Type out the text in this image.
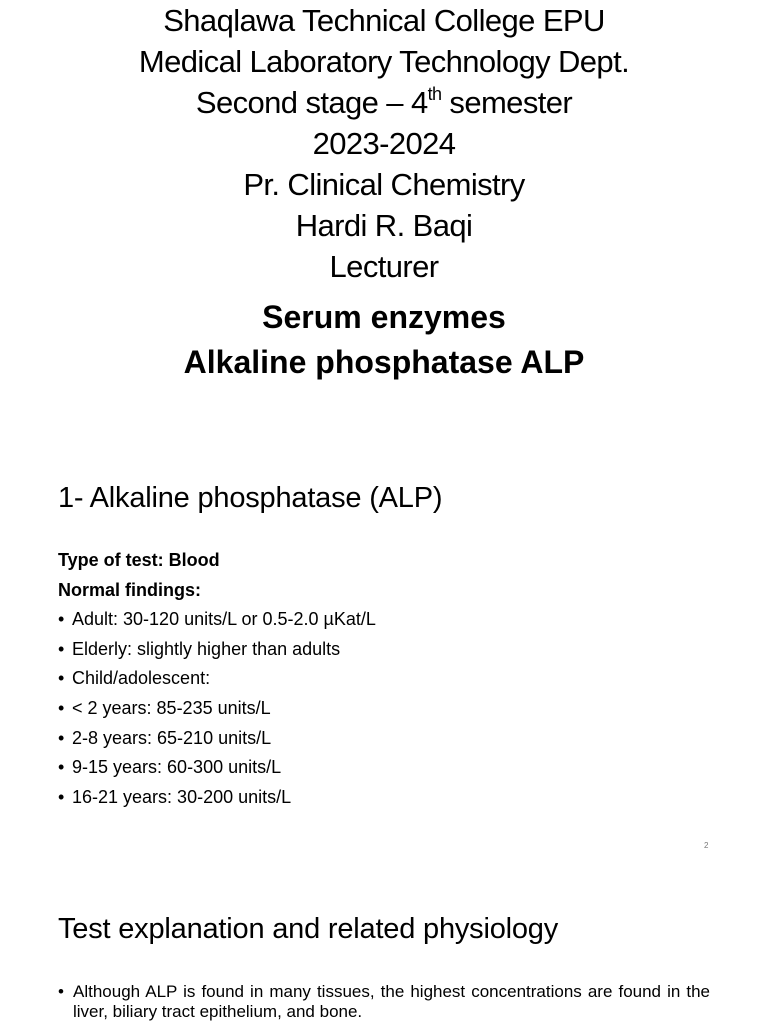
Shaqlawa Technical College EPU
Medical Laboratory Technology Dept.
Second stage – 4th semester
2023-2024
Pr. Clinical Chemistry
Hardi R. Baqi
Lecturer
Serum enzymes
Alkaline phosphatase ALP
1- Alkaline phosphatase (ALP)
Type of test: Blood
Normal findings:
• Adult: 30-120 units/L or 0.5-2.0 µKat/L
• Elderly: slightly higher than adults
• Child/adolescent:
• < 2 years: 85-235 units/L
• 2-8 years: 65-210 units/L
• 9-15 years: 60-300 units/L
• 16-21 years: 30-200 units/L
2
Test explanation and related physiology
• Although ALP is found in many tissues, the highest concentrations are found in the liver, biliary tract epithelium, and bone.
